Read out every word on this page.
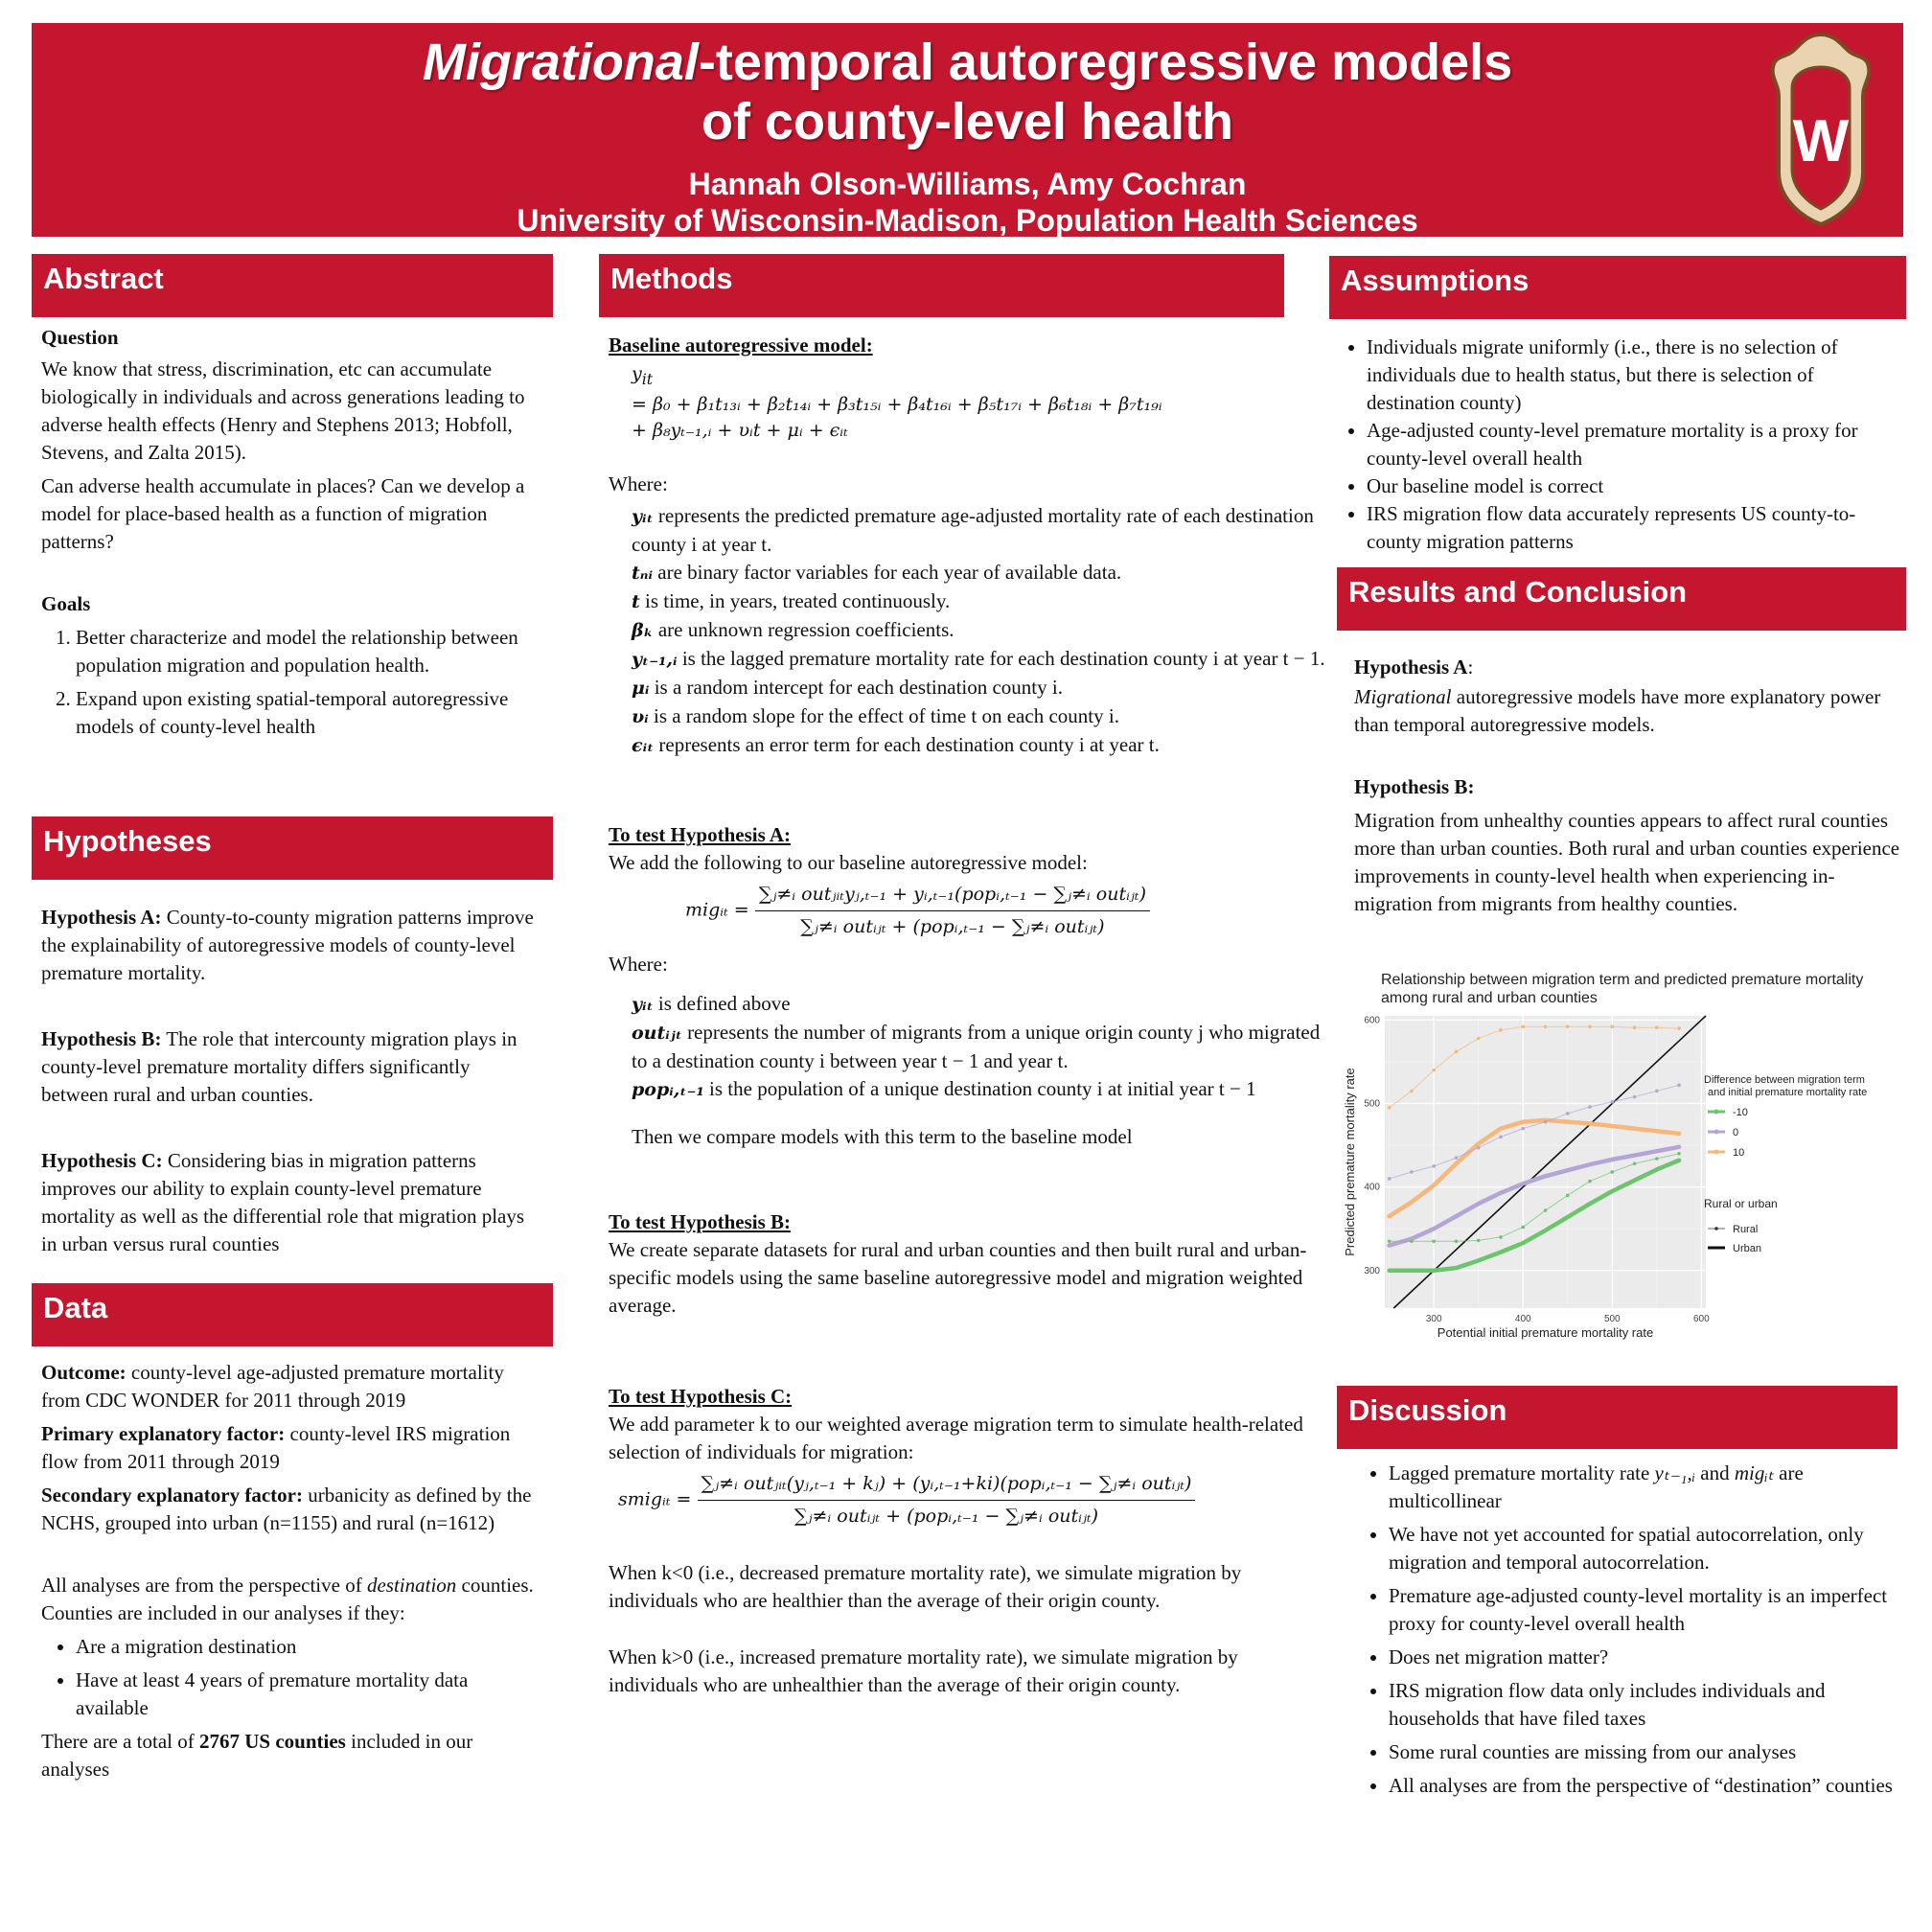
Migrational-temporal autoregressive models
of county-level health
Hannah Olson-Williams, Amy Cochran
University of Wisconsin-Madison, Population Health Sciences
W
Abstract

Question

We know that stress, discrimination, etc can accumulate biologically in individuals and across generations leading to adverse health effects (Henry and Stephens 2013; Hobfoll, Stevens, and Zalta 2015).

Can adverse health accumulate in places? Can we develop a model for place-based health as a function of migration patterns?

Goals

1. Better characterize and model the relationship between population migration and population health.
2. Expand upon existing spatial-temporal autoregressive models of county-level health
Hypotheses

Hypothesis A: County-to-county migration patterns improve the explainability of autoregressive models of county-level premature mortality.

Hypothesis B: The role that intercounty migration plays in county-level premature mortality differs significantly between rural and urban counties.

Hypothesis C: Considering bias in migration patterns improves our ability to explain county-level premature mortality as well as the differential role that migration plays in urban versus rural counties

Data

Outcome: county-level age-adjusted premature mortality from CDC WONDER for 2011 through 2019

Primary explanatory factor: county-level IRS migration flow from 2011 through 2019

Secondary explanatory factor: urbanicity as defined by the NCHS, grouped into urban (n=1155) and rural (n=1612)

All analyses are from the perspective of destination counties. Counties are included in our analyses if they:

• Are a migration destination
• Have at least 4 years of premature mortality data available

There are a total of 2767 US counties included in our analyses

Methods

Baseline autoregressive model:

$y_{it}$
= β₀ + β₁t₁₃ᵢ + β₂t₁₄ᵢ + β₃t₁₅ᵢ + β₄t₁₆ᵢ + β₅t₁₇ᵢ + β₆t₁₈ᵢ + β₇t₁₉ᵢ
+ β₈yₜ₋₁,ᵢ + υᵢt + μᵢ + ϵᵢₜ

Where:

yᵢₜ represents the predicted premature age-adjusted mortality rate of each destination county i at year t.

tₙᵢ are binary factor variables for each year of available data.

t is time, in years, treated continuously.

βₖ are unknown regression coefficients.

yₜ₋₁,ᵢ is the lagged premature mortality rate for each destination county i at year t − 1.

μᵢ is a random intercept for each destination county i.

υᵢ is a random slope for the effect of time t on each county i.

ϵᵢₜ represents an error term for each destination county i at year t.

To test Hypothesis A:

We add the following to our baseline autoregressive model:

migᵢₜ = $\frac{\text{∑ⱼ≠ᵢ outⱼᵢₜyⱼ,ₜ₋₁ + yᵢ,ₜ₋₁(popᵢ,ₜ₋₁ − ∑ⱼ≠ᵢ outᵢⱼₜ)}}{\text{∑ⱼ≠ᵢ outᵢⱼₜ + (popᵢ,ₜ₋₁ − ∑ⱼ≠ᵢ outᵢⱼₜ)}}$

Where:

yᵢₜ is defined above

outᵢⱼₜ represents the number of migrants from a unique origin county j who migrated to a destination county i between year t − 1 and year t.

popᵢ,ₜ₋₁ is the population of a unique destination county i at initial year t − 1

Then we compare models with this term to the baseline model

To test Hypothesis B:

We create separate datasets for rural and urban counties and then built rural and urban-specific models using the same baseline autoregressive model and migration weighted average.

To test Hypothesis C:

We add parameter k to our weighted average migration term to simulate health-related selection of individuals for migration:

smigᵢₜ =
∑ⱼ≠ᵢ outⱼᵢₜ(yⱼ,ₜ₋₁ + kⱼ) + (yᵢ,ₜ₋₁+ki)(popᵢ,ₜ₋₁ − ∑ⱼ≠ᵢ outᵢⱼₜ)
∑ⱼ≠ᵢ outᵢⱼₜ + (popᵢ,ₜ₋₁ − ∑ⱼ≠ᵢ outᵢⱼₜ)

When k<0 (i.e., decreased premature mortality rate), we simulate migration by individuals who are healthier than the average of their origin county.

When k>0 (i.e., increased premature mortality rate), we simulate migration by individuals who are unhealthier than the average of their origin county.

Assumptions
• Individuals migrate uniformly (i.e., there is no selection of individuals due to health status, but there is selection of destination county)
• Age-adjusted county-level premature mortality is a proxy for county-level overall health
• Our baseline model is correct
• IRS migration flow data accurately represents US county-to-county migration patterns
Results and Conclusion

Hypothesis A:

Migrational autoregressive models have more explanatory power than temporal autoregressive models.

Hypothesis B:

Migration from unhealthy counties appears to affect rural counties more than urban counties. Both rural and urban counties experience improvements in county-level health when experiencing in-migration from migrants from healthy counties.

Relationship between migration term and predicted premature mortality among rural and urban counties
300	400	500	600
300
400
500
600
Potential initial premature mortality rate
Predicted premature mortality rate	Difference between migration term
and initial premature mortality rate
Rural or urban
-10
0
10
Rural
Urban
Discussion
• Lagged premature mortality rate yₜ₋₁,ᵢ and migᵢₜ are multicollinear
• We have not yet accounted for spatial autocorrelation, only migration and temporal autocorrelation.
• Premature age-adjusted county-level mortality is an imperfect proxy for county-level overall health
• Does net migration matter?
• IRS migration flow data only includes individuals and households that have filed taxes
• Some rural counties are missing from our analyses
• All analyses are from the perspective of “destination” counties
